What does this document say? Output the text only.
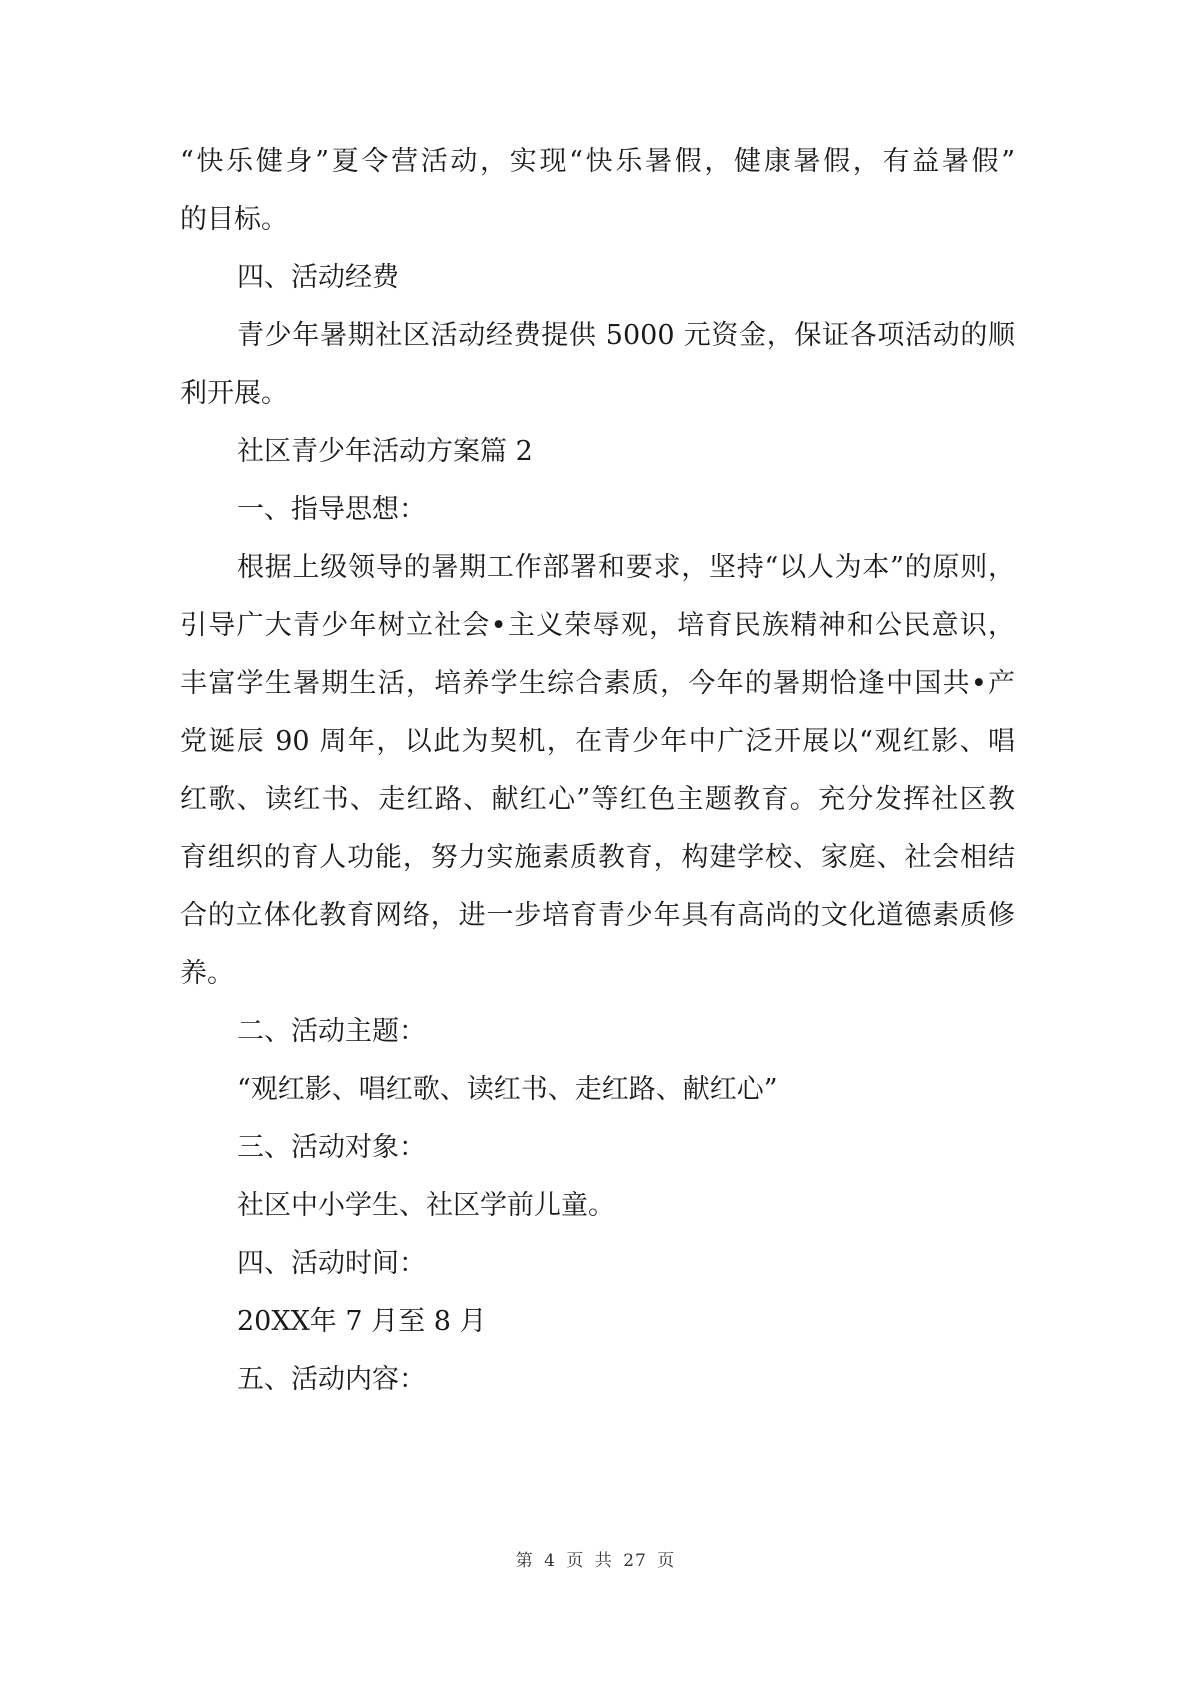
“快乐健身”夏令营活动，实现“快乐暑假，健康暑假，有益暑假”
的目标。
四、活动经费
青少年暑期社区活动经费提供 5000 元资金，保证各项活动的顺
利开展。
社区青少年活动方案篇 2
一、指导思想：
根据上级领导的暑期工作部署和要求，坚持“以人为本”的原则，
引导广大青少年树立社会•主义荣辱观，培育民族精神和公民意识，
丰富学生暑期生活，培养学生综合素质，今年的暑期恰逢中国共•产
党诞辰 90 周年，以此为契机，在青少年中广泛开展以“观红影、唱
红歌、读红书、走红路、献红心”等红色主题教育。充分发挥社区教
育组织的育人功能，努力实施素质教育，构建学校、家庭、社会相结
合的立体化教育网络，进一步培育青少年具有高尚的文化道德素质修
养。
二、活动主题：
“观红影、唱红歌、读红书、走红路、献红心”
三、活动对象：
社区中小学生、社区学前儿童。
四、活动时间：
20XX年 7 月至 8 月
五、活动内容：
第 4 页 共 27 页
